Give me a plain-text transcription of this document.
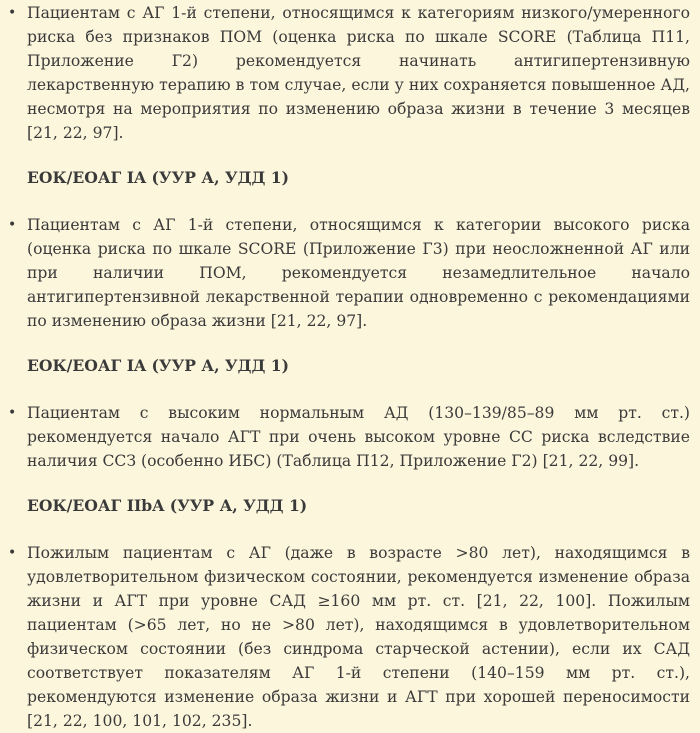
• Пациентам с АГ 1-й степени, относящимся к категориям низкого/умеренного риска без признаков ПОМ (оценка риска по шкале SCORE (Таблица П11, Приложение Г2) рекомендуется начинать антигипертензивную лекарственную терапию в том случае, если у них сохраняется повышенное АД, несмотря на мероприятия по изменению образа жизни в течение 3 месяцев [21, 22, 97].
ЕОК/ЕОАГ IA (УУР А, УДД 1)
• Пациентам с АГ 1-й степени, относящимся к категории высокого риска (оценка риска по шкале SCORE (Приложение Г3) при неосложненной АГ или при наличии ПОМ, рекомендуется незамедлительное начало антигипертензивной лекарственной терапии одновременно с рекомендациями по изменению образа жизни [21, 22, 97].
ЕОК/ЕОАГ IA (УУР А, УДД 1)
• Пациентам с высоким нормальным АД (130–139/85–89 мм рт. ст.) рекомендуется начало АГТ при очень высоком уровне СС риска вследствие наличия ССЗ (особенно ИБС) (Таблица П12, Приложение Г2) [21, 22, 99].
ЕОК/ЕОАГ IIbA (УУР А, УДД 1)
• Пожилым пациентам с АГ (даже в возрасте >80 лет), находящимся в удовлетворительном физическом состоянии, рекомендуется изменение образа жизни и АГТ при уровне САД ≥160 мм рт. ст. [21, 22, 100]. Пожилым пациентам (>65 лет, но не >80 лет), находящимся в удовлетворительном физическом состоянии (без синдрома старческой астении), если их САД соответствует показателям АГ 1-й степени (140–159 мм рт. ст.), рекомендуются изменение образа жизни и АГТ при хорошей переносимости [21, 22, 100, 101, 102, 235].
